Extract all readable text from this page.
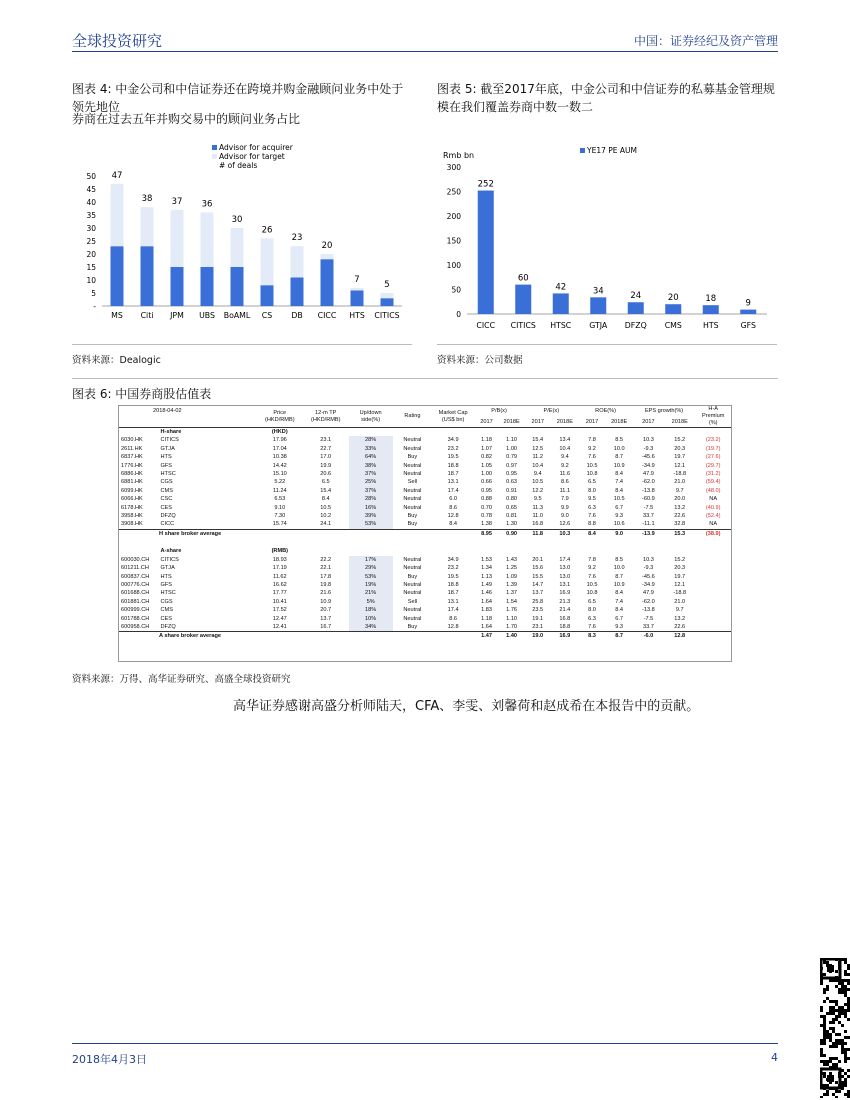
全球投资研究	中国：证券经纪及资产管理
图表 4: 中金公司和中信证券还在跨境并购金融顾问业务中处于领先地位
券商在过去五年并购交易中的顾问业务占比
Advisor for acquirer
Advisor for target
# of deals
-
5
10
15
20
25
30
35
40
45
50 47
38 37 36
30
26
23
20
7
5
MS Citi JPM UBS BoAML CS DB CICC HTS CITICS
资料来源：Dealogic
图表 5: 截至2017年底，中金公司和中信证券的私募基金管理规模在我们覆盖券商中数一数二
Rmb bn
YE17 PE AUM
0
50
100
150
200
250
300
252
60
42	34	24	20	18	9
CICC CITICS HTSC GTJA DFZQ CMS	HTS	GFS
资料来源：公司数据
图表 6: 中国券商股估值表
2018-04-02		Price (HKD/RMB)	12-m TP (HKD/RMB)	Up/down side(%)	Rating	Market Cap (US$ bn)	P/B(x)		P/E(x)		ROE(%)		EPS growth(%)		H-A Premium (%)
							2017	2018E	2017	2018E	2017	2018E	2017	2018E	
	H-share	(HKD)													
6030.HK	CITICS	17.96	23.1	28%	Neutral	34.9	1.18	1.10	15.4	13.4	7.8	8.5	10.3	15.2	(23.2)
2611.HK	GTJA	17.04	22.7	33%	Neutral	23.2	1.07	1.00	12.5	10.4	9.2	10.0	-9.3	20.3	(19.7)
6837.HK	HTS	10.38	17.0	64%	Buy	19.5	0.82	0.79	11.2	9.4	7.6	8.7	-45.6	19.7	(27.6)
1776.HK	GFS	14.42	19.9	38%	Neutral	18.8	1.05	0.97	10.4	9.2	10.5	10.9	-34.9	12.1	(29.7)
6886.HK	HTSC	15.10	20.6	37%	Neutral	18.7	1.00	0.95	9.4	11.6	10.8	8.4	47.9	-18.8	(31.2)
6881.HK	CGS	5.22	6.5	25%	Sell	13.1	0.66	0.63	10.5	8.6	6.5	7.4	-62.0	21.0	(59.4)
6099.HK	CMS	11.24	15.4	37%	Neutral	17.4	0.95	0.91	12.2	11.1	8.0	8.4	-13.8	9.7	(48.0)
6066.HK	CSC	6.53	8.4	28%	Neutral	6.0	0.88	0.80	9.5	7.9	9.5	10.5	-60.9	20.0	NA
6178.HK	CES	9.10	10.5	16%	Neutral	8.6	0.70	0.65	11.3	9.9	6.3	6.7	-7.5	13.2	(40.9)
3958.HK	DFZQ	7.30	10.2	39%	Buy	12.8	0.78	0.81	11.0	9.0	7.6	9.3	33.7	22.6	(52.4)
3908.HK	CICC	15.74	24.1	53%	Buy	8.4	1.38	1.30	16.8	12.6	8.8	10.6	-11.1	32.8	NA
H share broker average							8.95	0.90	11.8	10.3	8.4	9.0	-13.9	15.3	(38.9)

	A-share	(RMB)													
600030.CH	CITICS	18.93	22.2	17%	Neutral	34.9	1.53	1.43	20.1	17.4	7.8	8.5	10.3	15.2	
601211.CH	GTJA	17.19	22.1	29%	Neutral	23.2	1.34	1.25	15.6	13.0	9.2	10.0	-9.3	20.3	
600837.CH	HTS	11.62	17.8	53%	Buy	19.5	1.13	1.09	15.5	13.0	7.6	8.7	-45.6	19.7	
000776.CH	GFS	16.62	19.8	19%	Neutral	18.8	1.49	1.39	14.7	13.1	10.5	10.9	-34.9	12.1	
601688.CH	HTSC	17.77	21.6	21%	Neutral	18.7	1.46	1.37	13.7	16.9	10.8	8.4	47.9	-18.8	
601881.CH	CGS	10.41	10.9	5%	Sell	13.1	1.64	1.54	25.8	21.3	6.5	7.4	-62.0	21.0	
600999.CH	CMS	17.52	20.7	18%	Neutral	17.4	1.83	1.76	23.5	21.4	8.0	8.4	-13.8	9.7	
601788.CH	CES	12.47	13.7	10%	Neutral	8.6	1.18	1.10	19.1	16.8	6.3	6.7	-7.5	13.2	
600958.CH	DFZQ	12.41	16.7	34%	Buy	12.8	1.64	1.70	23.1	18.8	7.6	9.3	33.7	22.6	
A share broker average							1.47	1.40	19.0	16.9	8.3	8.7	-6.0	12.8	
资料来源：万得、高华证券研究、高盛全球投资研究
高华证券感谢高盛分析师陆天，CFA、李雯、刘馨荷和赵成希在本报告中的贡献。
2018年4月3日	4
